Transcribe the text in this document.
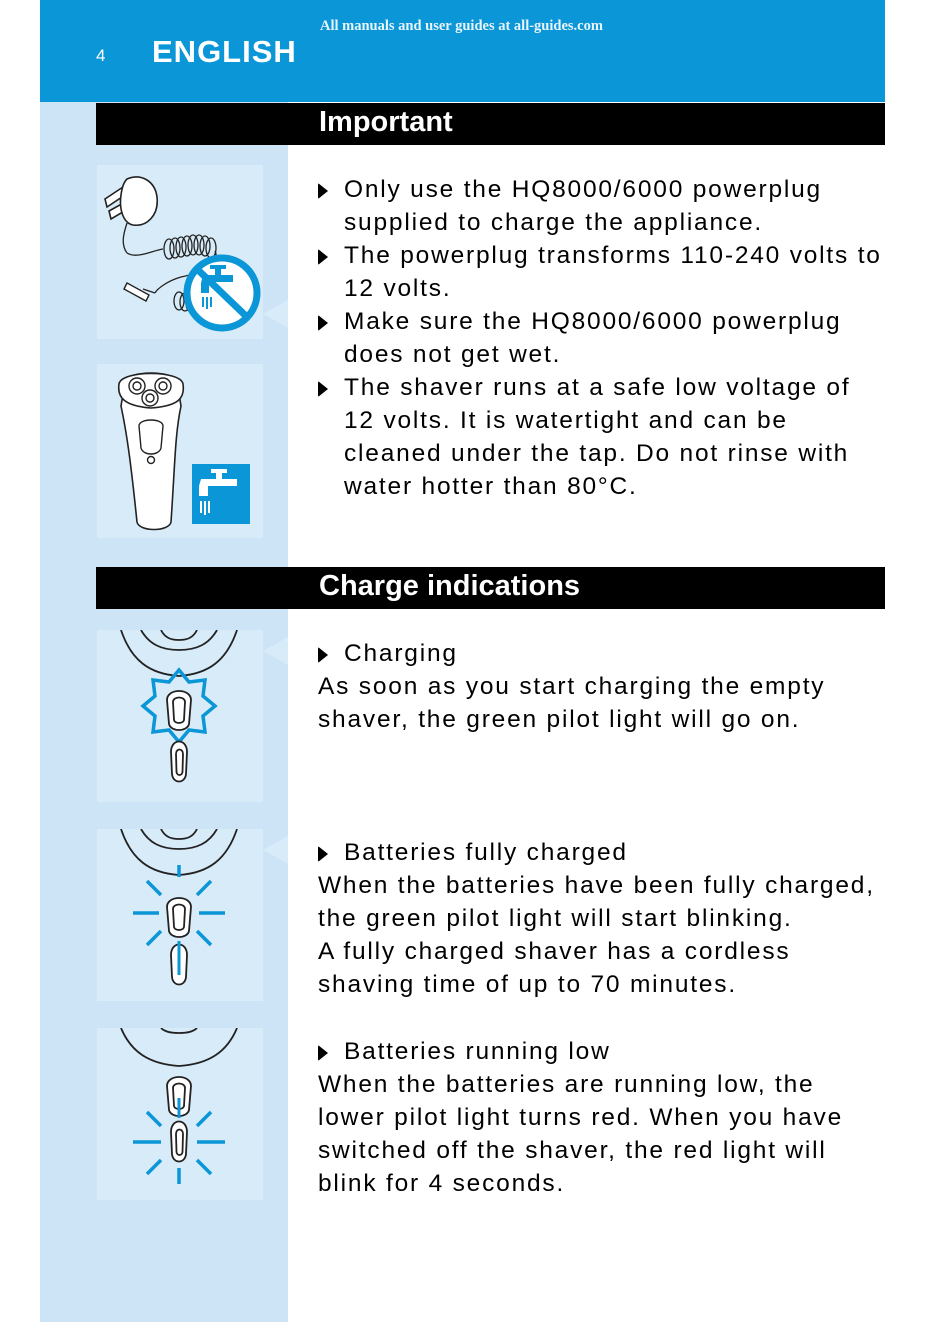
All manuals and user guides at all-guides.com
4 ENGLISH
Important
Only use the HQ8000/6000 powerplug supplied to charge the appliance.
The powerplug transforms 110-240 volts to 12 volts.
Make sure the HQ8000/6000 powerplug does not get wet.
The shaver runs at a safe low voltage of 12 volts. It is watertight and can be cleaned under the tap. Do not rinse with water hotter than 80°C.
Charge indications
Charging

As soon as you start charging the empty shaver, the green pilot light will go on.

Batteries fully charged

When the batteries have been fully charged, the green pilot light will start blinking.

A fully charged shaver has a cordless shaving time of up to 70 minutes.

Batteries running low

When the batteries are running low, the lower pilot light turns red. When you have switched off the shaver, the red light will blink for 4 seconds.
